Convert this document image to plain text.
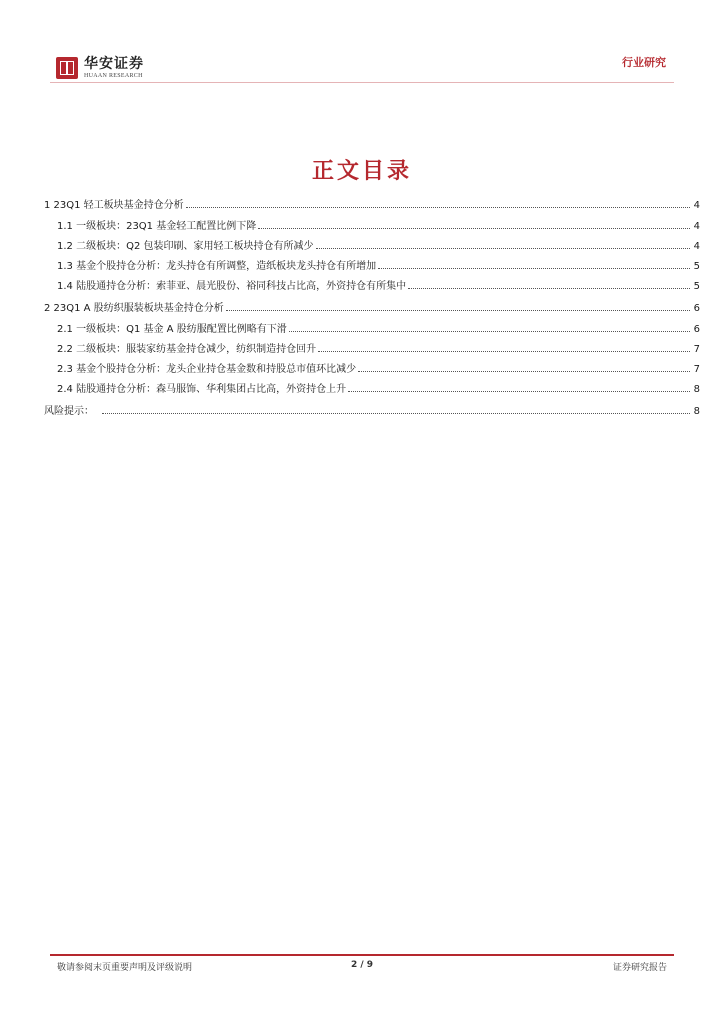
华安证券
HUAAN RESEARCH
行业研究
正文目录
1 23Q1 轻工板块基金持仓分析	4
1.1 一级板块：23Q1 基金轻工配置比例下降	4
1.2 二级板块：Q2 包装印刷、家用轻工板块持仓有所减少	4
1.3 基金个股持仓分析：龙头持仓有所调整，造纸板块龙头持仓有所增加	5
1.4 陆股通持仓分析：索菲亚、晨光股份、裕同科技占比高，外资持仓有所集中	5
2 23Q1 A 股纺织服装板块基金持仓分析	6
2.1 一级板块：Q1 基金 A 股纺服配置比例略有下滑	6
2.2 二级板块：服装家纺基金持仓减少，纺织制造持仓回升	7
2.3 基金个股持仓分析：龙头企业持仓基金数和持股总市值环比减少	7
2.4 陆股通持仓分析：森马服饰、华利集团占比高，外资持仓上升	8
风险提示：	8
敬请参阅末页重要声明及评级说明	2 / 9	证券研究报告
